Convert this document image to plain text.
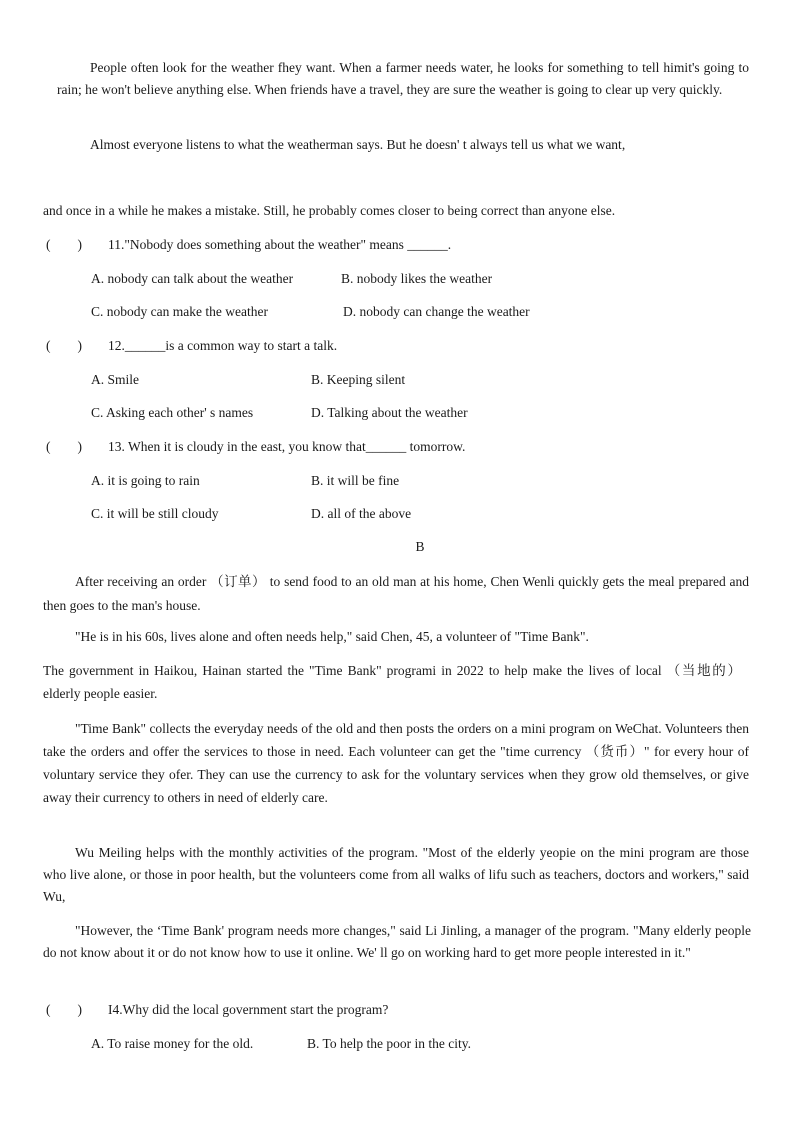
People often look for the weather fhey want. When a farmer needs water, he looks for something to tell himit's going to rain; he won't believe anything else. When friends have a travel, they are sure the weather is going to clear up very quickly.
Almost everyone listens to what the weatherman says. But he doesn' t always tell us what we want,
and once in a while he makes a mistake. Still, he probably comes closer to being correct than anyone else.
(　　) 11."Nobody does something about the weather" means ______.
A. nobody can talk about the weather	B. nobody likes the weather
C. nobody can make the weather	D. nobody can change the weather
(　　) 12.______is a common way to start a talk.
A. Smile	B. Keeping silent
C. Asking each other' s names	D. Talking about the weather
(　　) 13. When it is cloudy in the east, you know that______ tomorrow.
A. it is going to rain	B. it will be fine
C. it will be still cloudy	D. all of the above
B
After receiving an order （订单） to send food to an old man at his home, Chen Wenli quickly gets the meal prepared and then goes to the man's house.
"He is in his 60s, lives alone and often needs help," said Chen, 45, a volunteer of "Time Bank".
The government in Haikou, Hainan started the "Time Bank" programi in 2022 to help make the lives of local （当地的） elderly people easier.
"Time Bank" collects the everyday needs of the old and then posts the orders on a mini program on WeChat. Volunteers then take the orders and offer the services to those in need. Each volunteer can get the "time currency （货币）" for every hour of voluntary service they ofer. They can use the currency to ask for the voluntary services when they grow old themselves, or give away their currency to others in need of elderly care.
Wu Meiling helps with the monthly activities of the program. "Most of the elderly yeopie on the mini program are those who live alone, or those in poor health, but the volunteers come from all walks of lifu such as teachers, doctors and workers," said Wu,
"However, the ‘Time Bank' program needs more changes," said Li Jinling, a manager of the program. "Many elderly people do not know about it or do not know how to use it online. We' ll go on working hard to get more people interested in it."
(　　) I4.Why did the local government start the program?
A. To raise money for the old.	B. To help the poor in the city.
